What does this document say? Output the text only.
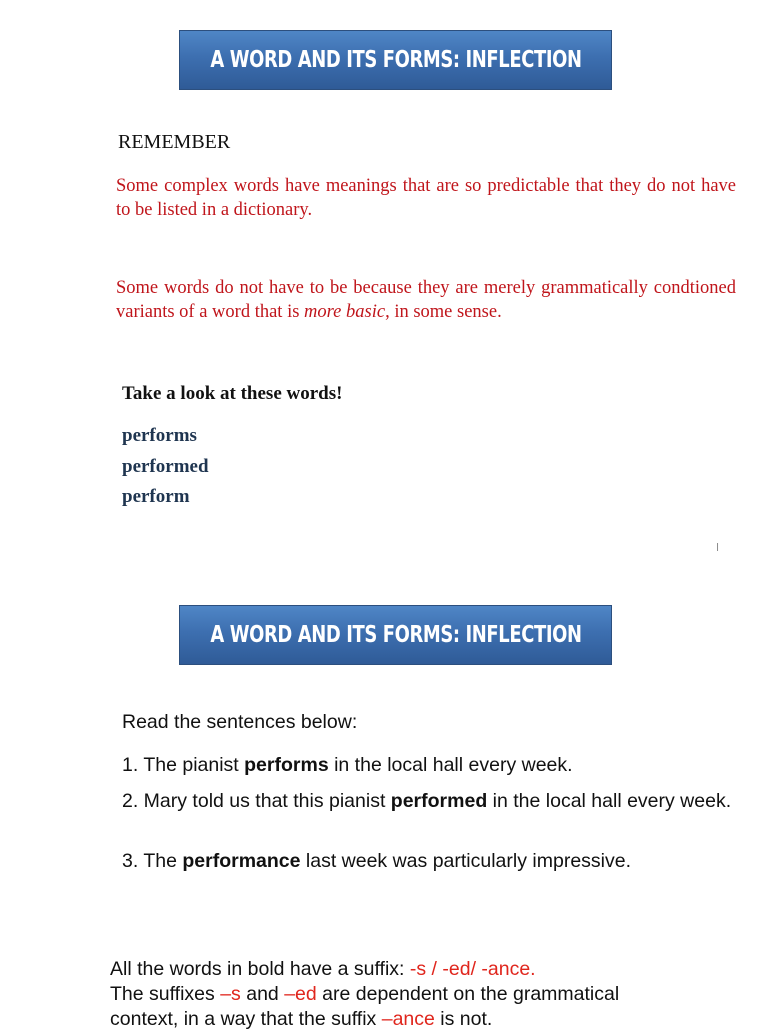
A WORD AND ITS FORMS: INFLECTION
REMEMBER
Some complex words have meanings that are so predictable that they do not have to be listed in a dictionary.
Some words do not have to be because they are merely grammatically condtioned variants of a word that is more basic, in some sense.
Take a look at these words!
performs
performed
perform
l
A WORD AND ITS FORMS: INFLECTION
Read the sentences below:
1. The pianist performs in the local hall every week.
2. Mary told us that this pianist performed in the local hall every week.
3. The performance last week was particularly impressive.
All the words in bold have a suffix: -s / -ed/ -ance.
The suffixes –s and –ed are dependent on the grammatical
context, in a way that the suffix –ance is not.
